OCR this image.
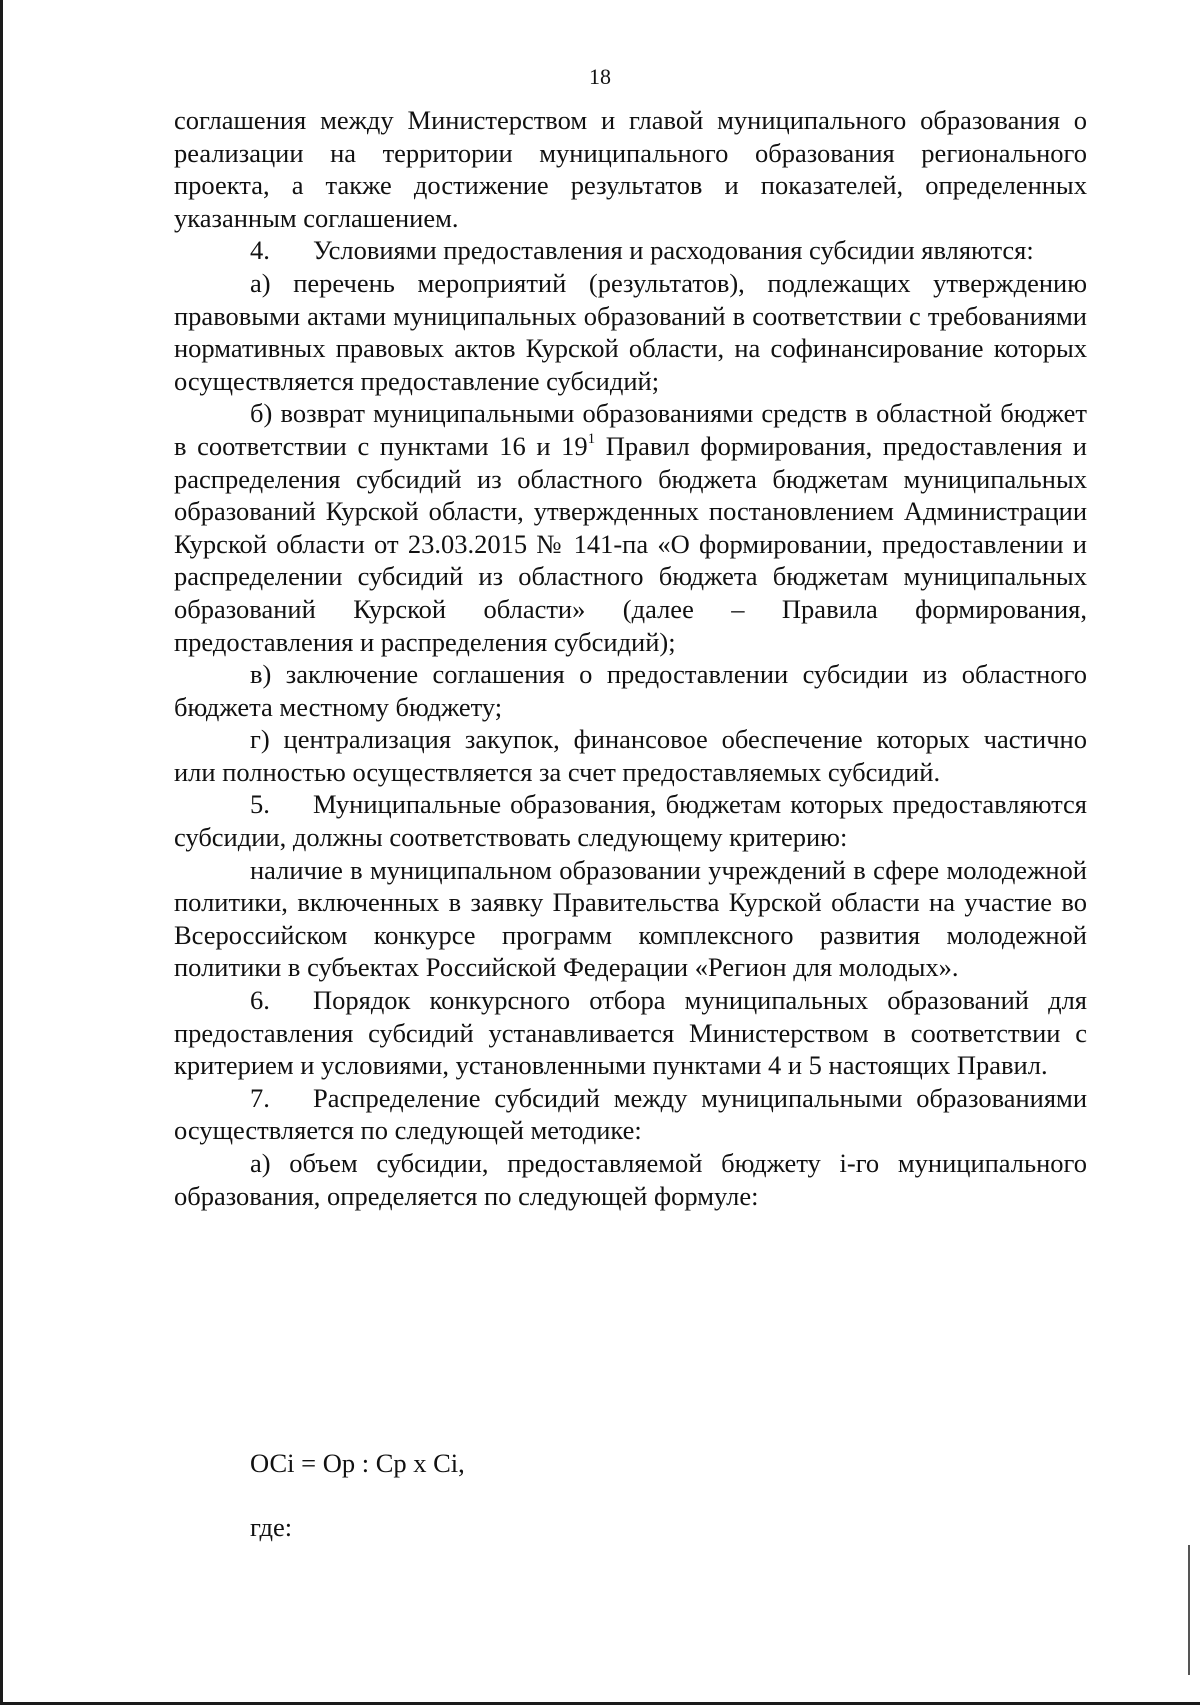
18

соглашения между Министерством и главой муниципального образования о реализации на территории муниципального образования регионального проекта, а также достижение результатов и показателей, определенных указанным соглашением.

4. Условиями предоставления и расходования субсидии являются:

а) перечень мероприятий (результатов), подлежащих утверждению правовыми актами муниципальных образований в соответствии с требованиями нормативных правовых актов Курской области, на софинансирование которых осуществляется предоставление субсидий;

б) возврат муниципальными образованиями средств в областной бюджет в соответствии с пунктами 16 и $19^1$ Правил формирования, предоставления и распределения субсидий из областного бюджета бюджетам муниципальных образований Курской области, утвержденных постановлением Администрации Курской области от 23.03.2015 № 141-па «О формировании, предоставлении и распределении субсидий из областного бюджета бюджетам муниципальных образований Курской области» (далее – Правила формирования, предоставления и распределения субсидий);

в) заключение соглашения о предоставлении субсидии из областного бюджета местному бюджету;

г) централизация закупок, финансовое обеспечение которых частично или полностью осуществляется за счет предоставляемых субсидий.

5. Муниципальные образования, бюджетам которых предоставляются субсидии, должны соответствовать следующему критерию:

наличие в муниципальном образовании учреждений в сфере молодежной политики, включенных в заявку Правительства Курской области на участие во Всероссийском конкурсе программ комплексного развития молодежной политики в субъектах Российской Федерации «Регион для молодых».

6. Порядок конкурсного отбора муниципальных образований для предоставления субсидий устанавливается Министерством в соответствии с критерием и условиями, установленными пунктами 4 и 5 настоящих Правил.

7. Распределение субсидий между муниципальными образованиями осуществляется по следующей методике:

а) объем субсидии, предоставляемой бюджету i-го муниципального образования, определяется по следующей формуле:

ОСi = Ор : Ср х Сi,
где:
